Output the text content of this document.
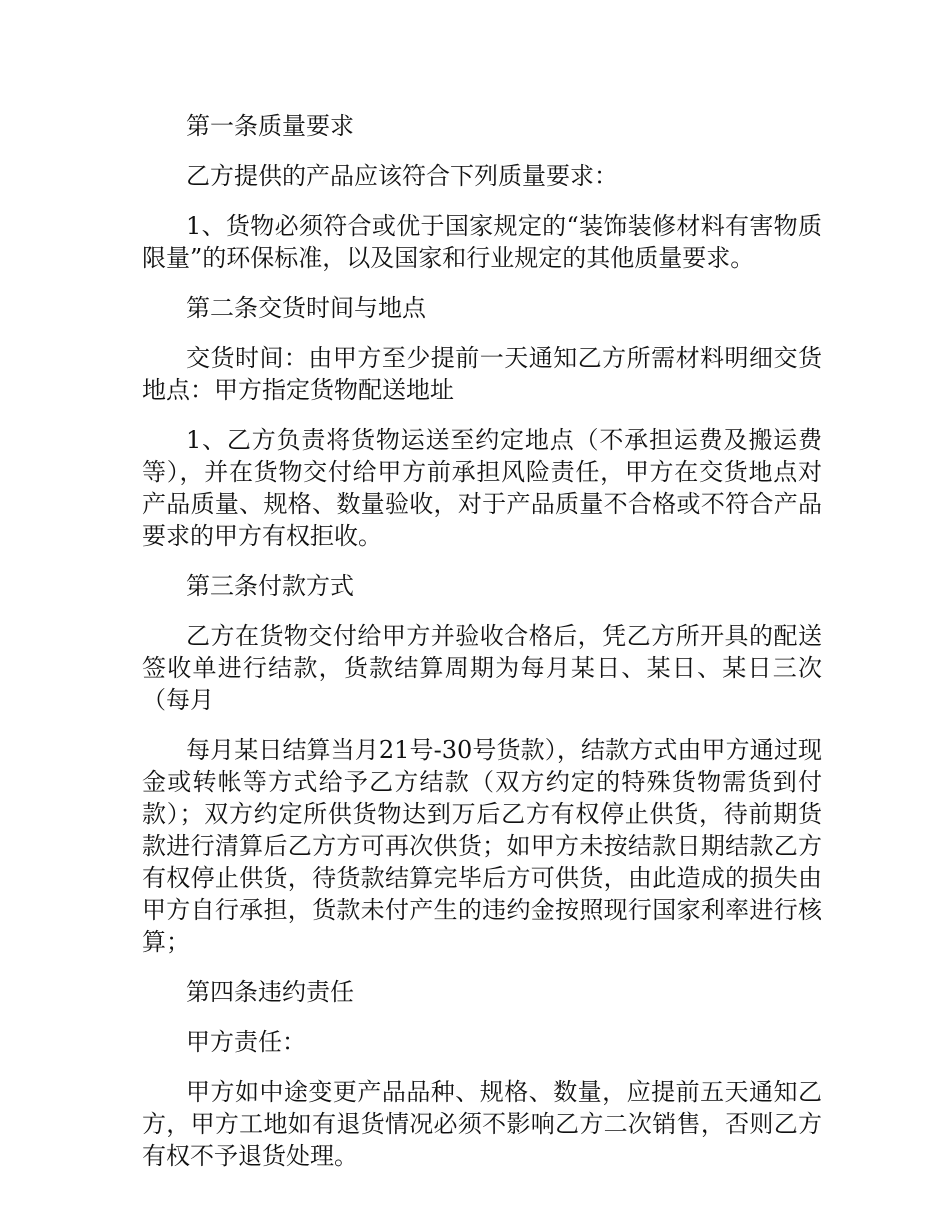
第一条质量要求

乙方提供的产品应该符合下列质量要求：

1、货物必须符合或优于国家规定的“装饰装修材料有害物质限量”的环保标准，以及国家和行业规定的其他质量要求。

第二条交货时间与地点

交货时间：由甲方至少提前一天通知乙方所需材料明细交货地点：甲方指定货物配送地址

1、乙方负责将货物运送至约定地点（不承担运费及搬运费等），并在货物交付给甲方前承担风险责任，甲方在交货地点对产品质量、规格、数量验收，对于产品质量不合格或不符合产品要求的甲方有权拒收。

第三条付款方式

乙方在货物交付给甲方并验收合格后，凭乙方所开具的配送签收单进行结款，货款结算周期为每月某日、某日、某日三次（每月

每月某日结算当月21号-30号货款），结款方式由甲方通过现金或转帐等方式给予乙方结款（双方约定的特殊货物需货到付款）；双方约定所供货物达到万后乙方有权停止供货，待前期货款进行清算后乙方方可再次供货；如甲方未按结款日期结款乙方有权停止供货，待货款结算完毕后方可供货，由此造成的损失由甲方自行承担，货款未付产生的违约金按照现行国家利率进行核算；

第四条违约责任

甲方责任：

甲方如中途变更产品品种、规格、数量，应提前五天通知乙方，甲方工地如有退货情况必须不影响乙方二次销售，否则乙方有权不予退货处理。
